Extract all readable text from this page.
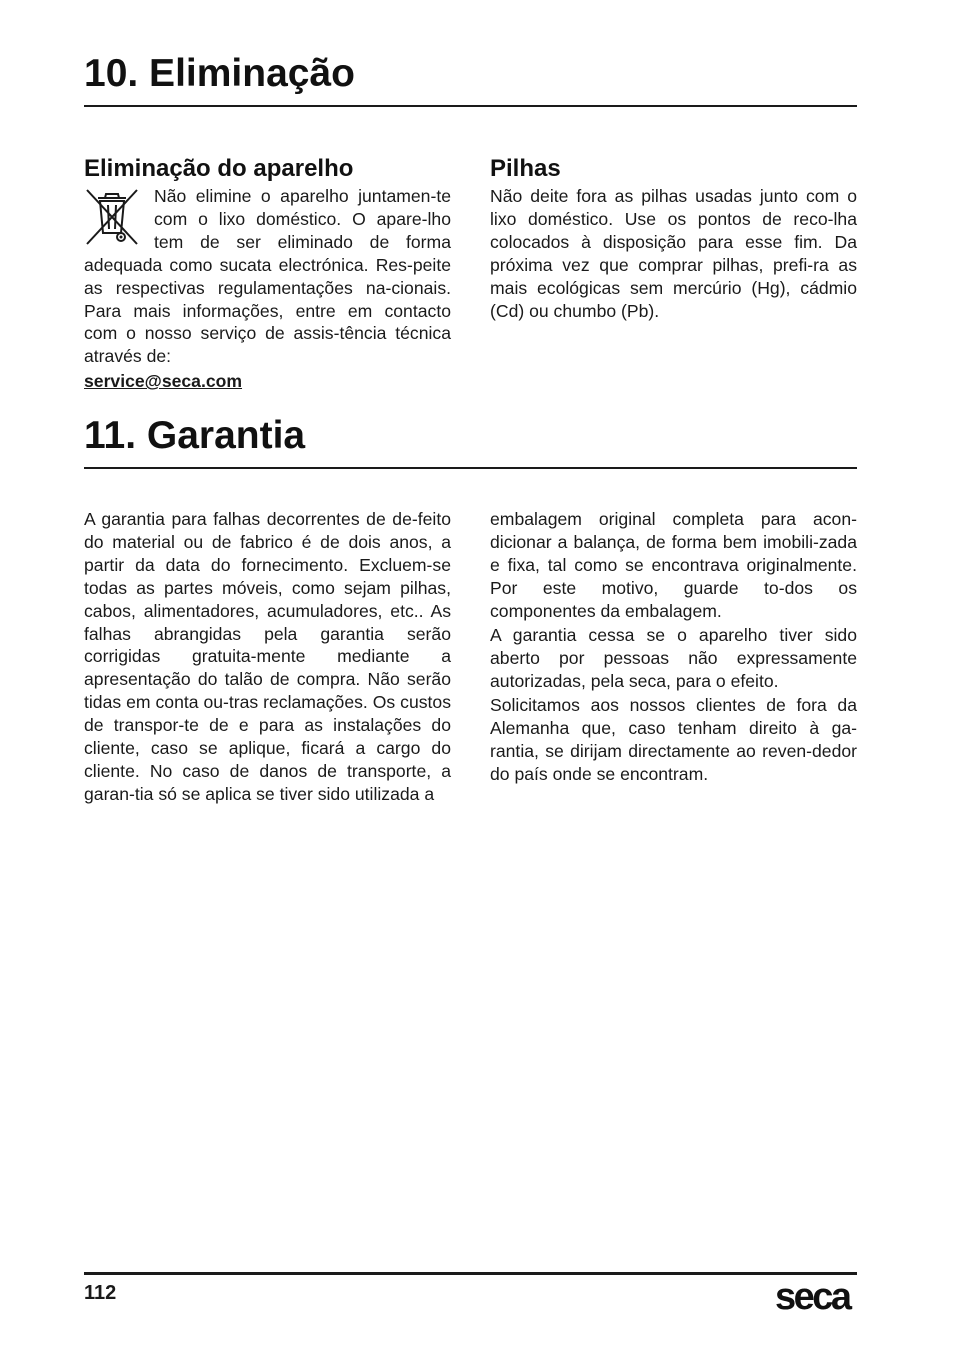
10. Eliminação
Eliminação do aparelho

Não elimine o aparelho juntamen-te com o lixo doméstico. O apare-lho tem de ser eliminado de forma adequada como sucata electrónica. Res-peite as respectivas regulamentações na-cionais. Para mais informações, entre em contacto com o nosso serviço de assis-tência técnica através de:

service@seca.com
Pilhas

Não deite fora as pilhas usadas junto com o lixo doméstico. Use os pontos de reco-lha colocados à disposição para esse fim. Da próxima vez que comprar pilhas, prefi-ra as mais ecológicas sem mercúrio (Hg), cádmio (Cd) ou chumbo (Pb).

11. Garantia

A garantia para falhas decorrentes de de-feito do material ou de fabrico é de dois anos, a partir da data do fornecimento. Excluem-se todas as partes móveis, como sejam pilhas, cabos, alimentadores, acumuladores, etc.. As falhas abrangidas pela garantia serão corrigidas gratuita-mente mediante a apresentação do talão de compra. Não serão tidas em conta ou-tras reclamações. Os custos de transpor-te de e para as instalações do cliente, caso se aplique, ficará a cargo do cliente. No caso de danos de transporte, a garan-tia só se aplica se tiver sido utilizada a

embalagem original completa para acon-dicionar a balança, de forma bem imobili-zada e fixa, tal como se encontrava originalmente. Por este motivo, guarde to-dos os componentes da embalagem.

A garantia cessa se o aparelho tiver sido aberto por pessoas não expressamente autorizadas, pela seca, para o efeito.

Solicitamos aos nossos clientes de fora da Alemanha que, caso tenham direito à ga-rantia, se dirijam directamente ao reven-dedor do país onde se encontram.

112	seca
